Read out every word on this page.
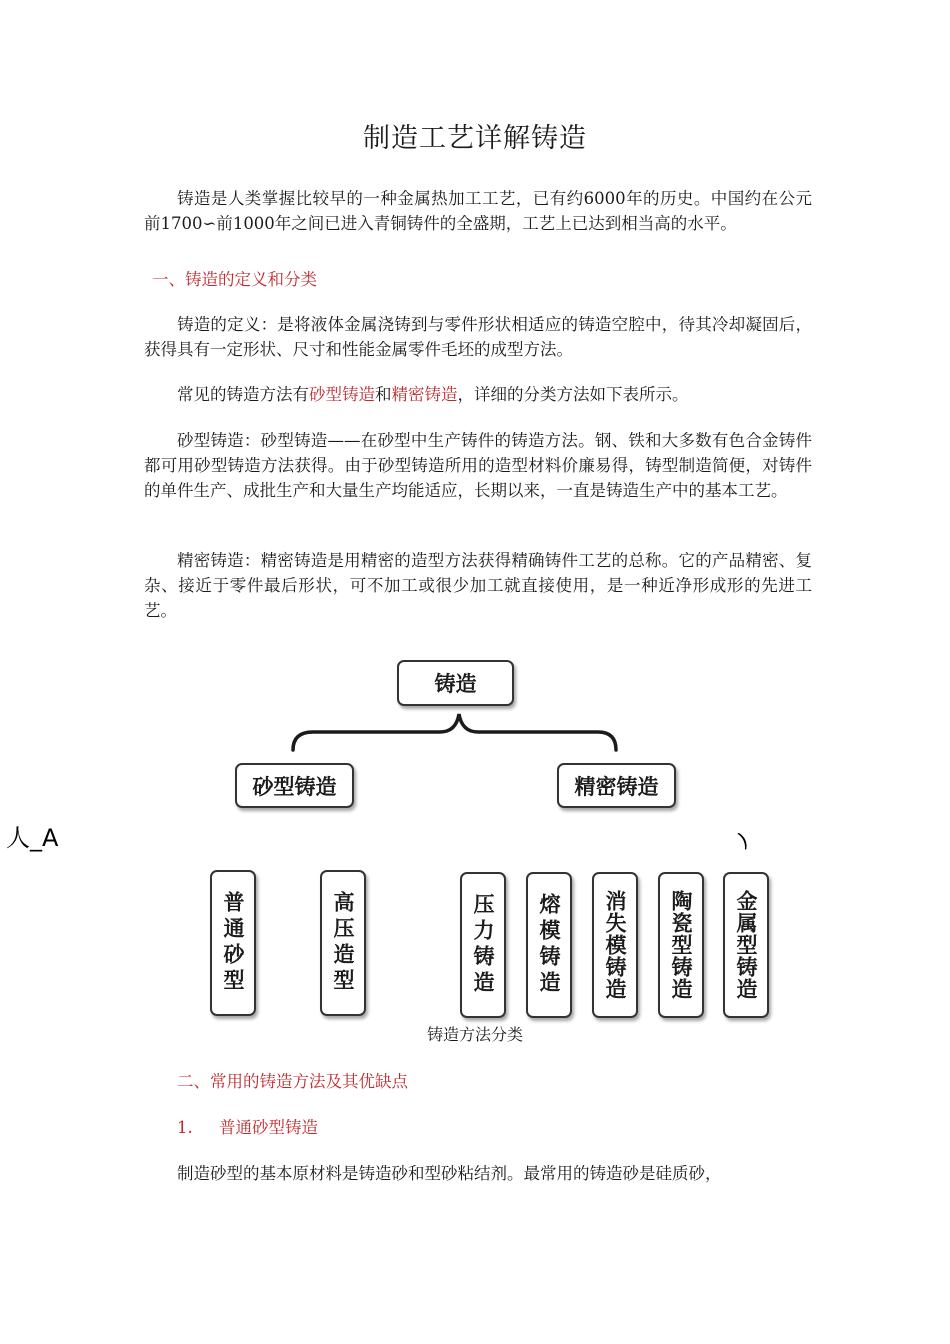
制造工艺详解铸造

铸造是人类掌握比较早的一种金属热加工工艺，已有约6000年的历史。中国约在公元前1700∽前1000年之间已进入青铜铸件的全盛期，工艺上已达到相当高的水平。

一、铸造的定义和分类

铸造的定义：是将液体金属浇铸到与零件形状相适应的铸造空腔中，待其冷却凝固后，获得具有一定形状、尺寸和性能金属零件毛坯的成型方法。

常见的铸造方法有砂型铸造和精密铸造，详细的分类方法如下表所示。

砂型铸造：砂型铸造——在砂型中生产铸件的铸造方法。钢、铁和大多数有色合金铸件都可用砂型铸造方法获得。由于砂型铸造所用的造型材料价廉易得，铸型制造简便，对铸件的单件生产、成批生产和大量生产均能适应，长期以来，一直是铸造生产中的基本工艺。

精密铸造：精密铸造是用精密的造型方法获得精确铸件工艺的总称。它的产品精密、复杂、接近于零件最后形状，可不加工或很少加工就直接使用，是一种近净形成形的先进工艺。

铸造
砂型铸造	精密铸造
人_A	)
普通砂型	高压造型	压力铸造	熔模铸造	消失模铸造	陶瓷型铸造	金属型铸造
铸造方法分类
二、常用的铸造方法及其优缺点
1. 普通砂型铸造

制造砂型的基本原材料是铸造砂和型砂粘结剂。最常用的铸造砂是硅质砂，
